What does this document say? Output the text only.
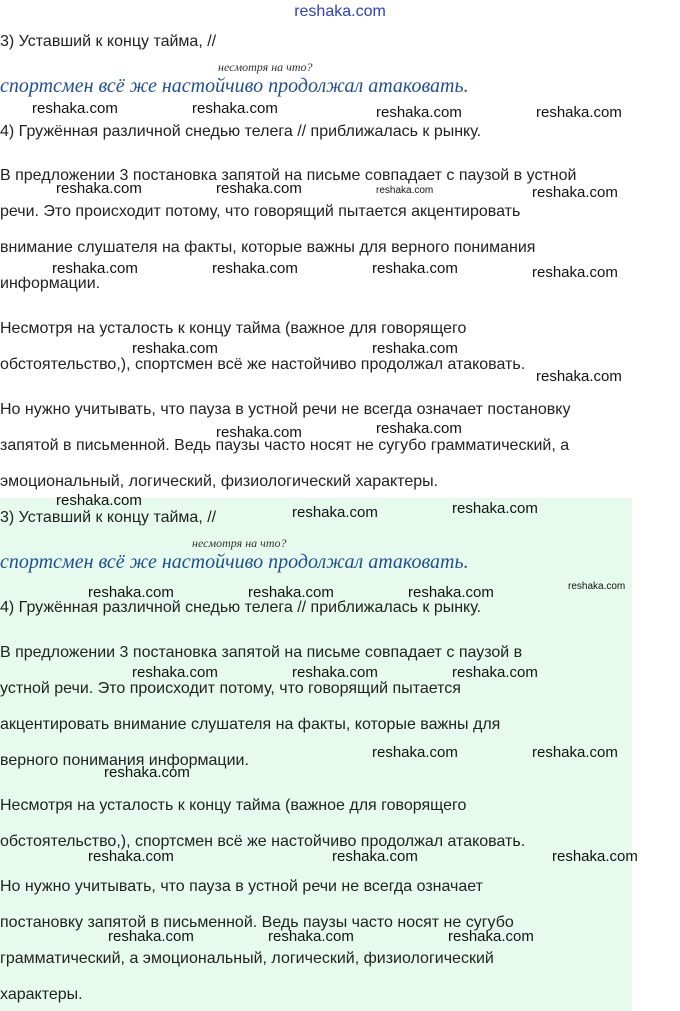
reshaka.com
3) Уставший к концу тайма, //
несмотря на что?
спортсмен всё же настойчиво продолжал атаковать.
4) Гружённая различной снедью телега // приближалась к рынку.
В предложении 3 постановка запятой на письме совпадает с паузой в устной
речи. Это происходит потому, что говорящий пытается акцентировать
внимание слушателя на факты, которые важны для верного понимания
информации.
Несмотря на усталость к концу тайма (важное для говорящего
обстоятельство,), спортсмен всё же настойчиво продолжал атаковать.
Но нужно учитывать, что пауза в устной речи не всегда означает постановку
запятой в письменной. Ведь паузы часто носят не сугубо грамматический, а
эмоциональный, логический, физиологический характеры.
3) Уставший к концу тайма, //
несмотря на что?
спортсмен всё же настойчиво продолжал атаковать.
4) Гружённая различной снедью телега // приближалась к рынку.
В предложении 3 постановка запятой на письме совпадает с паузой в
устной речи. Это происходит потому, что говорящий пытается
акцентировать внимание слушателя на факты, которые важны для
верного понимания информации.
Несмотря на усталость к концу тайма (важное для говорящего
обстоятельство,), спортсмен всё же настойчиво продолжал атаковать.
Но нужно учитывать, что пауза в устной речи не всегда означает
постановку запятой в письменной. Ведь паузы часто носят не сугубо
грамматический, а эмоциональный, логический, физиологический
характеры.
reshaka.com	reshaka.com	reshaka.com	reshaka.com
reshaka.com	reshaka.com	reshaka.com	reshaka.com
reshaka.com	reshaka.com	reshaka.com	reshaka.com
reshaka.com	reshaka.com
reshaka.com
reshaka.com	reshaka.com
reshaka.com
reshaka.com	reshaka.com
reshaka.com	reshaka.com	reshaka.com	reshaka.com
reshaka.com	reshaka.com	reshaka.com
reshaka.com	reshaka.com
reshaka.com
reshaka.com	reshaka.com	reshaka.com
reshaka.com	reshaka.com	reshaka.com
